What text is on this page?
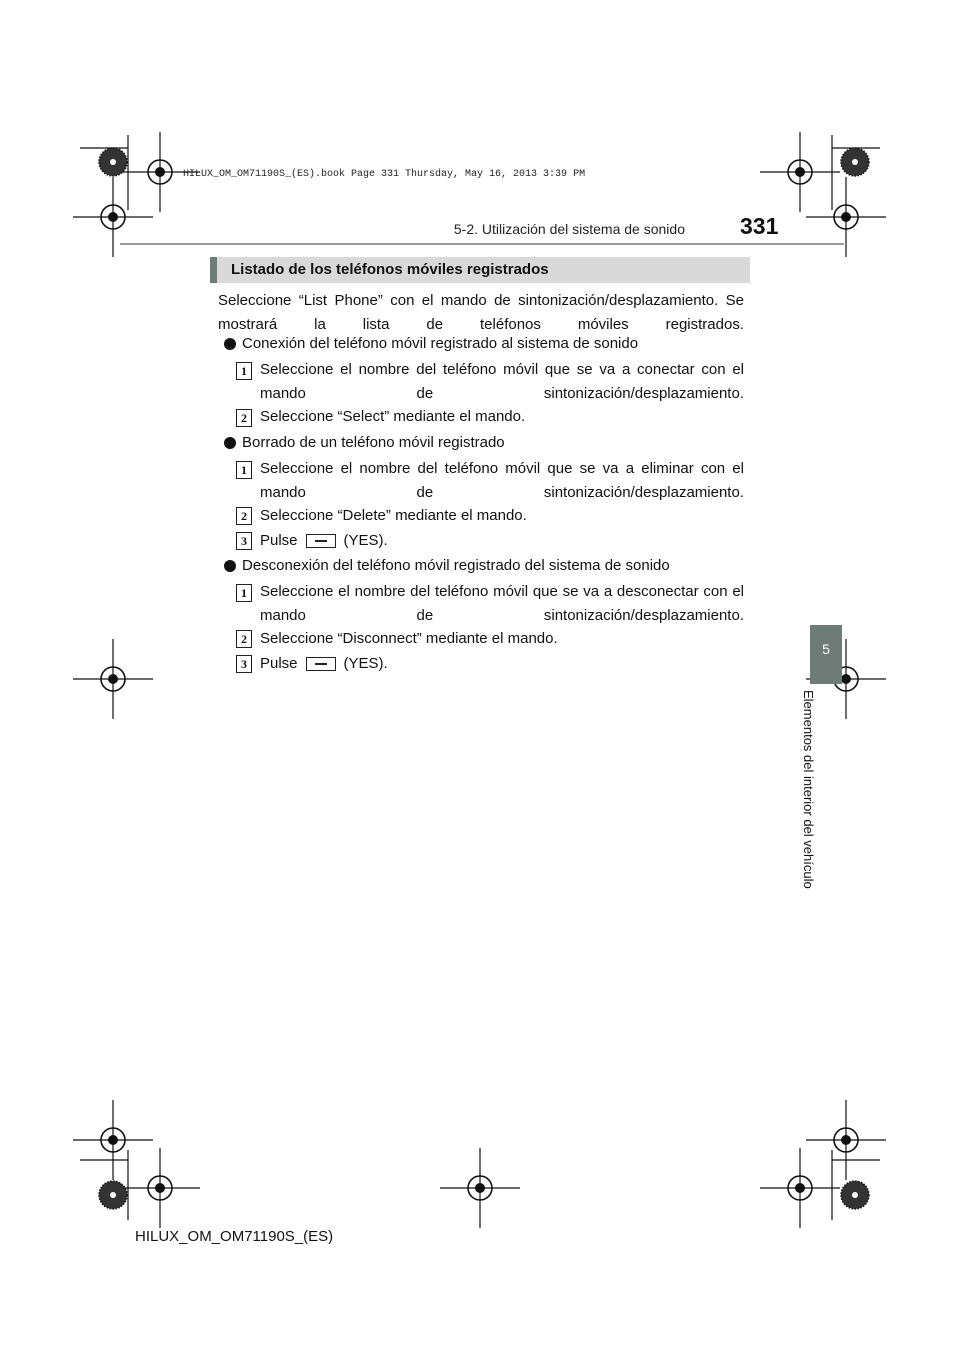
HILUX_OM_OM71190S_(ES).book Page 331 Thursday, May 16, 2013 3:39 PM
5-2. Utilización del sistema de sonido 331
Listado de los teléfonos móviles registrados
Seleccione “List Phone” con el mando de sintonización/desplazamiento. Se mostrará la lista de teléfonos móviles registrados.
Conexión del teléfono móvil registrado al sistema de sonido
1 Seleccione el nombre del teléfono móvil que se va a conectar con el mando de sintonización/desplazamiento.
2 Seleccione “Select” mediante el mando.
Borrado de un teléfono móvil registrado
1 Seleccione el nombre del teléfono móvil que se va a eliminar con el mando de sintonización/desplazamiento.
2 Seleccione “Delete” mediante el mando.
3 Pulse	(YES).
Desconexión del teléfono móvil registrado del sistema de sonido
1 Seleccione el nombre del teléfono móvil que se va a desconectar con el mando de sintonización/desplazamiento.
2 Seleccione “Disconnect” mediante el mando.
3 Pulse	(YES).
5
Elementos del interior del vehículo
HILUX_OM_OM71190S_(ES)
